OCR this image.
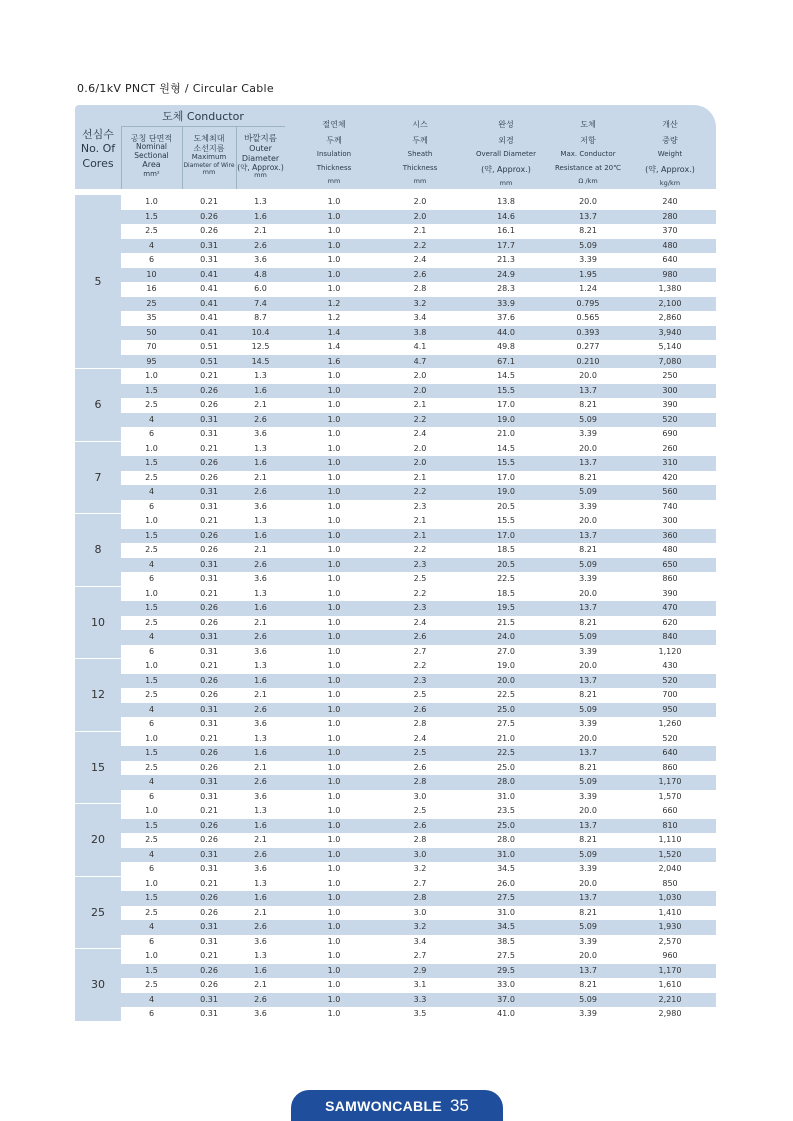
0.6/1kV PNCT 원형 / Circular Cable
도체 Conductor
선심수
No. Of
Cores
공칭 단면적
Nominal
Sectional
Area
mm²
도체최대
소선지름
Maximum
Diameter of Wire
mm
바깥지름
Outer
Diameter
(약, Approx.)
mm
절연체
두께
Insulation
Thickness
mm
시스
두께
Sheath
Thickness
mm
완성
외경
Overall Diameter
(약, Approx.)
mm
도체
저항
Max. Conductor
Resistance at 20℃
Ω /km
개산
중량
Weight
(약, Approx.)
kg/km
5
1.0	0.21	1.3	1.0	2.0	13.8	20.0	240
1.5	0.26	1.6	1.0	2.0	14.6	13.7	280
2.5	0.26	2.1	1.0	2.1	16.1	8.21	370
4	0.31	2.6	1.0	2.2	17.7	5.09	480
6	0.31	3.6	1.0	2.4	21.3	3.39	640
10	0.41	4.8	1.0	2.6	24.9	1.95	980
16	0.41	6.0	1.0	2.8	28.3	1.24	1,380
25	0.41	7.4	1.2	3.2	33.9	0.795	2,100
35	0.41	8.7	1.2	3.4	37.6	0.565	2,860
50	0.41	10.4	1.4	3.8	44.0	0.393	3,940
70	0.51	12.5	1.4	4.1	49.8	0.277	5,140
95	0.51	14.5	1.6	4.7	67.1	0.210	7,080
6
1.0	0.21	1.3	1.0	2.0	14.5	20.0	250
1.5	0.26	1.6	1.0	2.0	15.5	13.7	300
2.5	0.26	2.1	1.0	2.1	17.0	8.21	390
4	0.31	2.6	1.0	2.2	19.0	5.09	520
6	0.31	3.6	1.0	2.4	21.0	3.39	690
7
1.0	0.21	1.3	1.0	2.0	14.5	20.0	260
1.5	0.26	1.6	1.0	2.0	15.5	13.7	310
2.5	0.26	2.1	1.0	2.1	17.0	8.21	420
4	0.31	2.6	1.0	2.2	19.0	5.09	560
6	0.31	3.6	1.0	2.3	20.5	3.39	740
8
1.0	0.21	1.3	1.0	2.1	15.5	20.0	300
1.5	0.26	1.6	1.0	2.1	17.0	13.7	360
2.5	0.26	2.1	1.0	2.2	18.5	8.21	480
4	0.31	2.6	1.0	2.3	20.5	5.09	650
6	0.31	3.6	1.0	2.5	22.5	3.39	860
10
1.0	0.21	1.3	1.0	2.2	18.5	20.0	390
1.5	0.26	1.6	1.0	2.3	19.5	13.7	470
2.5	0.26	2.1	1.0	2.4	21.5	8.21	620
4	0.31	2.6	1.0	2.6	24.0	5.09	840
6	0.31	3.6	1.0	2.7	27.0	3.39	1,120
12
1.0	0.21	1.3	1.0	2.2	19.0	20.0	430
1.5	0.26	1.6	1.0	2.3	20.0	13.7	520
2.5	0.26	2.1	1.0	2.5	22.5	8.21	700
4	0.31	2.6	1.0	2.6	25.0	5.09	950
6	0.31	3.6	1.0	2.8	27.5	3.39	1,260
15
1.0	0.21	1.3	1.0	2.4	21.0	20.0	520
1.5	0.26	1.6	1.0	2.5	22.5	13.7	640
2.5	0.26	2.1	1.0	2.6	25.0	8.21	860
4	0.31	2.6	1.0	2.8	28.0	5.09	1,170
6	0.31	3.6	1.0	3.0	31.0	3.39	1,570
20
1.0	0.21	1.3	1.0	2.5	23.5	20.0	660
1.5	0.26	1.6	1.0	2.6	25.0	13.7	810
2.5	0.26	2.1	1.0	2.8	28.0	8.21	1,110
4	0.31	2.6	1.0	3.0	31.0	5.09	1,520
6	0.31	3.6	1.0	3.2	34.5	3.39	2,040
25
1.0	0.21	1.3	1.0	2.7	26.0	20.0	850
1.5	0.26	1.6	1.0	2.8	27.5	13.7	1,030
2.5	0.26	2.1	1.0	3.0	31.0	8.21	1,410
4	0.31	2.6	1.0	3.2	34.5	5.09	1,930
6	0.31	3.6	1.0	3.4	38.5	3.39	2,570
30
1.0	0.21	1.3	1.0	2.7	27.5	20.0	960
1.5	0.26	1.6	1.0	2.9	29.5	13.7	1,170
2.5	0.26	2.1	1.0	3.1	33.0	8.21	1,610
4	0.31	2.6	1.0	3.3	37.0	5.09	2,210
6	0.31	3.6	1.0	3.5	41.0	3.39	2,980
SAMWONCABLE 35
